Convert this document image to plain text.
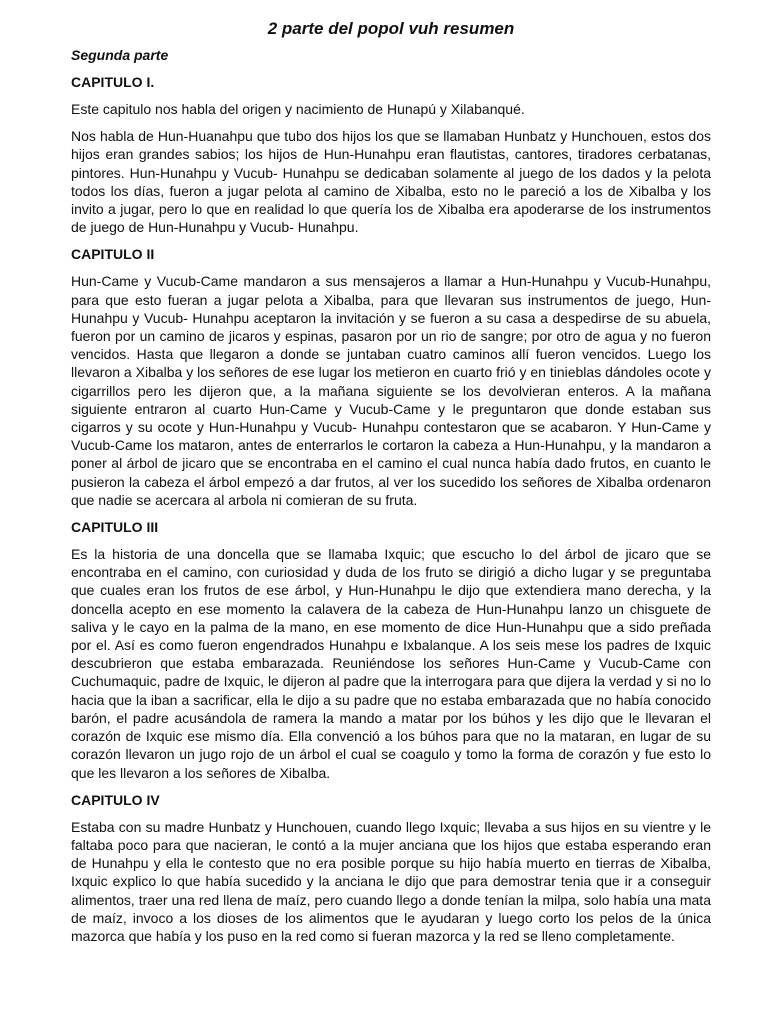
2 parte del popol vuh resumen
Segunda parte
CAPITULO I.

Este capitulo nos habla del origen y nacimiento de Hunapú y Xilabanqué.

Nos habla de Hun-Huanahpu que tubo dos hijos los que se llamaban Hunbatz y Hunchouen, estos dos hijos eran grandes sabios; los hijos de Hun-Hunahpu eran flautistas, cantores, tiradores cerbatanas, pintores. Hun-Hunahpu y Vucub- Hunahpu se dedicaban solamente al juego de los dados y la pelota todos los días, fueron a jugar pelota al camino de Xibalba, esto no le pareció a los de Xibalba y los invito a jugar, pero lo que en realidad lo que quería los de Xibalba era apoderarse de los instrumentos de juego de Hun-Hunahpu y Vucub- Hunahpu.

CAPITULO II

Hun-Came y Vucub-Came mandaron a sus mensajeros a llamar a Hun-Hunahpu y Vucub-Hunahpu, para que esto fueran a jugar pelota a Xibalba, para que llevaran sus instrumentos de juego, Hun-Hunahpu y Vucub- Hunahpu aceptaron la invitación y se fueron a su casa a despedirse de su abuela, fueron por un camino de jicaros y espinas, pasaron por un rio de sangre; por otro de agua y no fueron vencidos. Hasta que llegaron a donde se juntaban cuatro caminos allí fueron vencidos. Luego los llevaron a Xibalba y los señores de ese lugar los metieron en cuarto frió y en tinieblas dándoles ocote y cigarrillos pero les dijeron que, a la mañana siguiente se los devolvieran enteros. A la mañana siguiente entraron al cuarto Hun-Came y Vucub-Came y le preguntaron que donde estaban sus cigarros y su ocote y Hun-Hunahpu y Vucub- Hunahpu contestaron que se acabaron. Y Hun-Came y Vucub-Came los mataron, antes de enterrarlos le cortaron la cabeza a Hun-Hunahpu, y la mandaron a poner al árbol de jicaro que se encontraba en el camino el cual nunca había dado frutos, en cuanto le pusieron la cabeza el árbol empezó a dar frutos, al ver los sucedido los señores de Xibalba ordenaron que nadie se acercara al arbola ni comieran de su fruta.

CAPITULO III

Es la historia de una doncella que se llamaba Ixquic; que escucho lo del árbol de jicaro que se encontraba en el camino, con curiosidad y duda de los fruto se dirigió a dicho lugar y se preguntaba que cuales eran los frutos de ese árbol, y Hun-Hunahpu le dijo que extendiera mano derecha, y la doncella acepto en ese momento la calavera de la cabeza de Hun-Hunahpu lanzo un chisguete de saliva y le cayo en la palma de la mano, en ese momento de dice Hun-Hunahpu que a sido preñada por el. Así es como fueron engendrados Hunahpu e Ixbalanque. A los seis mese los padres de Ixquic descubrieron que estaba embarazada. Reuniéndose los señores Hun-Came y Vucub-Came con Cuchumaquic, padre de Ixquic, le dijeron al padre que la interrogara para que dijera la verdad y si no lo hacia que la iban a sacrificar, ella le dijo a su padre que no estaba embarazada que no había conocido barón, el padre acusándola de ramera la mando a matar por los búhos y les dijo que le llevaran el corazón de Ixquic ese mismo día. Ella convenció a los búhos para que no la mataran, en lugar de su corazón llevaron un jugo rojo de un árbol el cual se coagulo y tomo la forma de corazón y fue esto lo que les llevaron a los señores de Xibalba.

CAPITULO IV

Estaba con su madre Hunbatz y Hunchouen, cuando llego Ixquic; llevaba a sus hijos en su vientre y le faltaba poco para que nacieran, le contó a la mujer anciana que los hijos que estaba esperando eran de Hunahpu y ella le contesto que no era posible porque su hijo había muerto en tierras de Xibalba, Ixquic explico lo que había sucedido y la anciana le dijo que para demostrar tenia que ir a conseguir alimentos, traer una red llena de maíz, pero cuando llego a donde tenían la milpa, solo había una mata de maíz, invoco a los dioses de los alimentos que le ayudaran y luego corto los pelos de la única mazorca que había y los puso en la red como si fueran mazorca y la red se lleno completamente.
